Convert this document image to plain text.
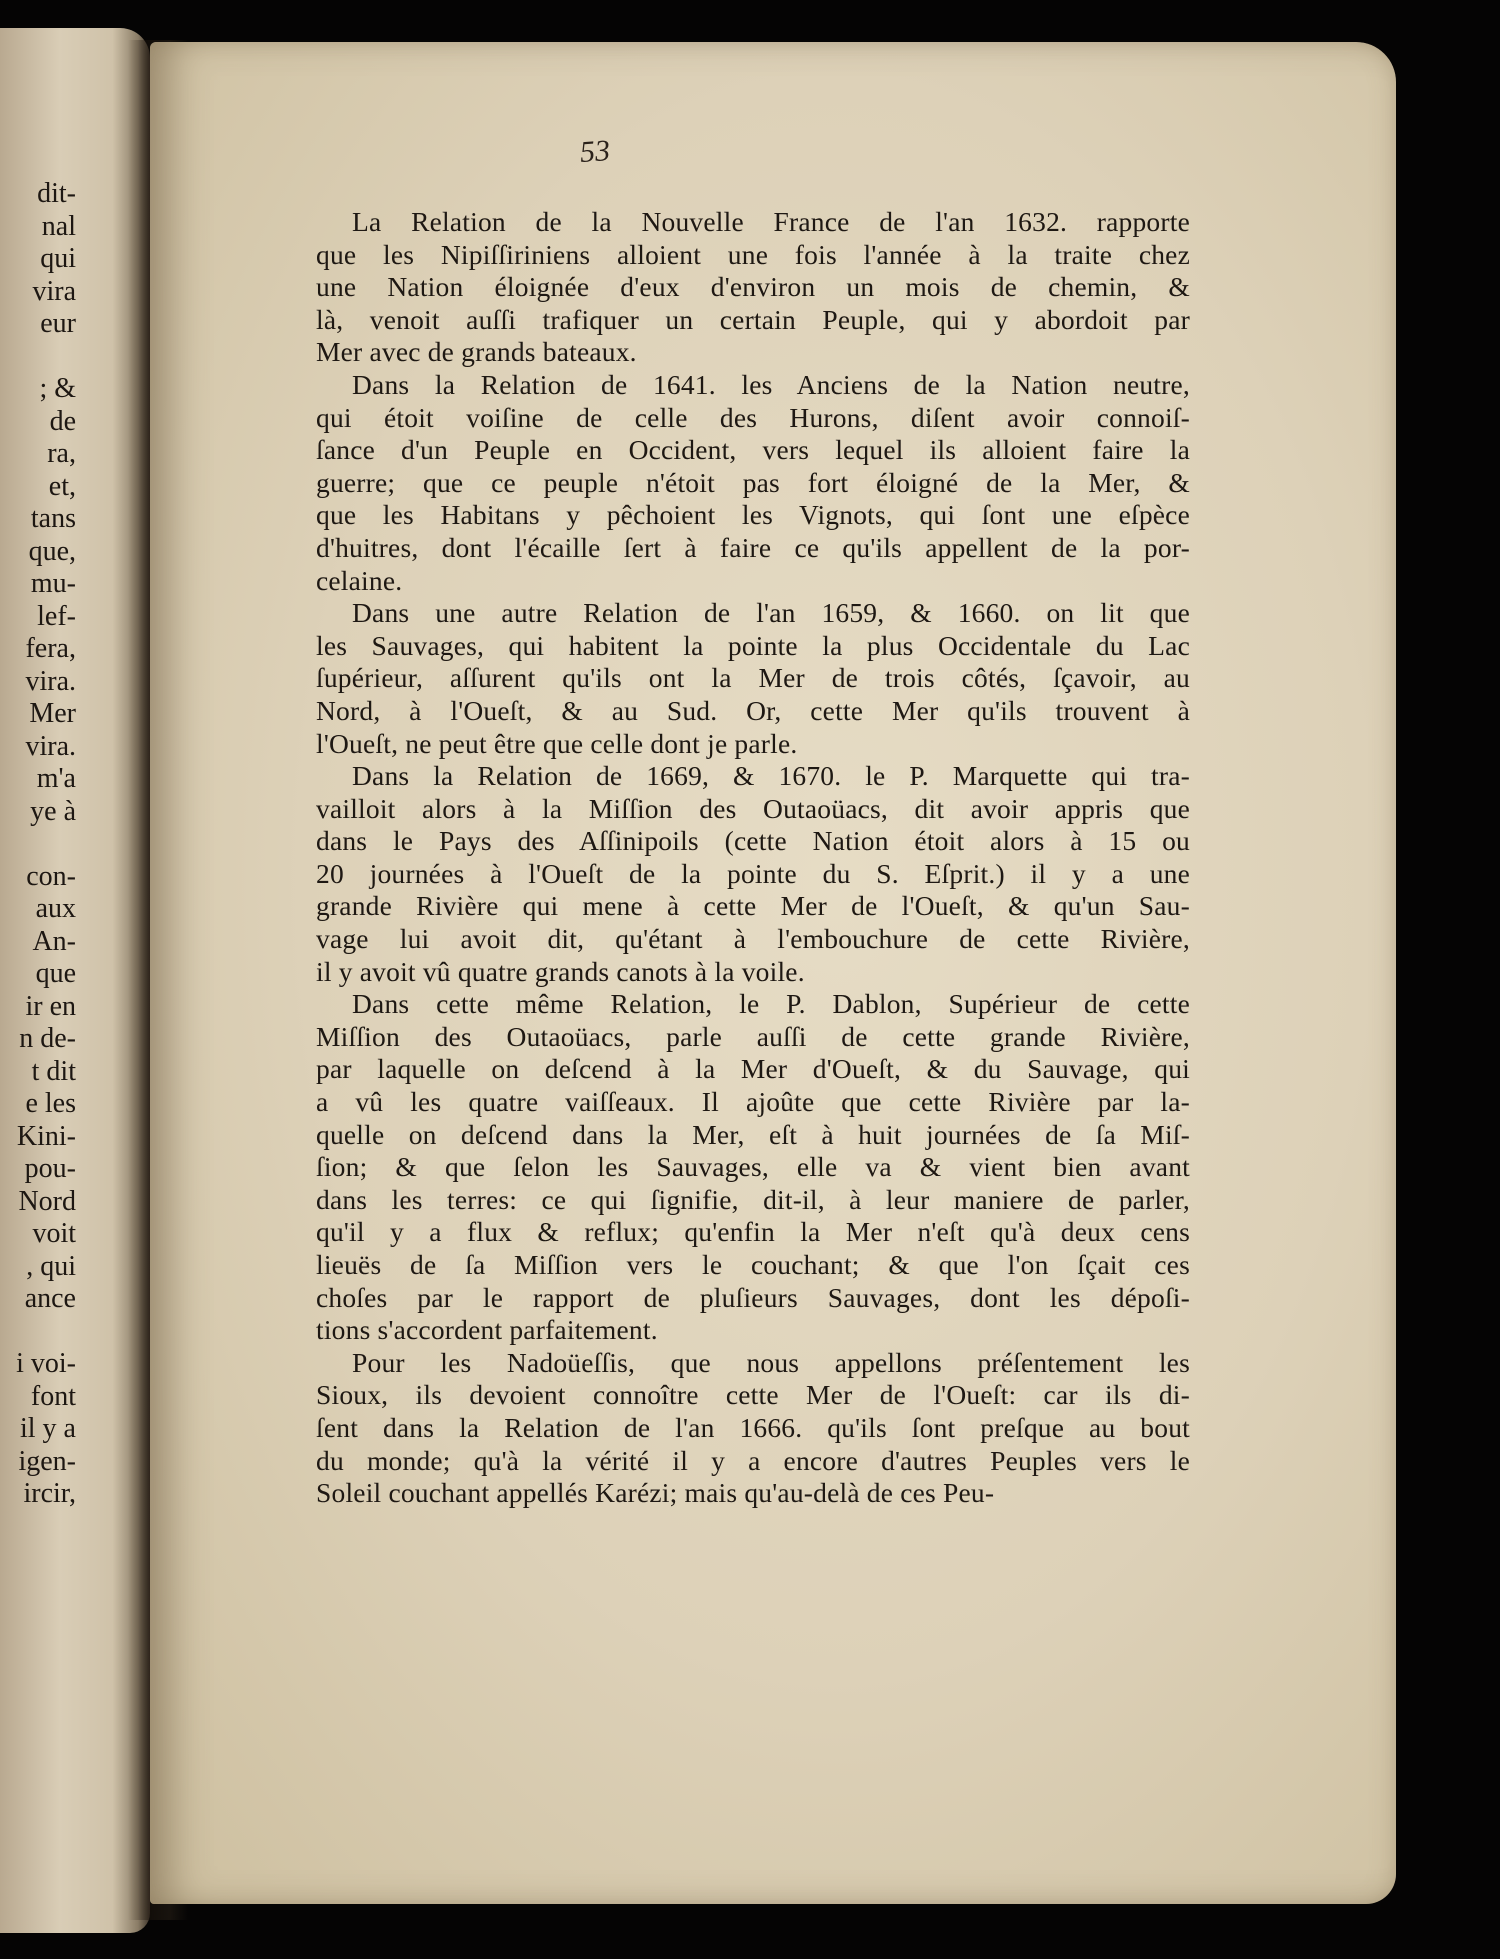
dit-
nal
qui
vira
eur
; &
de
ra,
et,
tans
que,
mu-
lef-
fera,
vira.
Mer
vira.
m'a
ye à
con-
aux
An-
que
ir en
n de-
t dit
e les
Kini-
pou-
Nord
voit
, qui
ance
i voi-
font
il y a
igen-
ircir,
53
La Relation de la Nouvelle France de l'an 1632. rapporte
que les Nipiſſiriniens alloient une fois l'année à la traite chez
une Nation éloignée d'eux d'environ un mois de chemin, &
là, venoit auſſi trafiquer un certain Peuple, qui y abordoit par
Mer avec de grands bateaux.
Dans la Relation de 1641. les Anciens de la Nation neutre,
qui étoit voiſine de celle des Hurons, diſent avoir connoiſ-
ſance d'un Peuple en Occident, vers lequel ils alloient faire la
guerre; que ce peuple n'étoit pas fort éloigné de la Mer, &
que les Habitans y pêchoient les Vignots, qui ſont une eſpèce
d'huitres, dont l'écaille ſert à faire ce qu'ils appellent de la por-
celaine.
Dans une autre Relation de l'an 1659, & 1660. on lit que
les Sauvages, qui habitent la pointe la plus Occidentale du Lac
ſupérieur, aſſurent qu'ils ont la Mer de trois côtés, ſçavoir, au
Nord, à l'Oueſt, & au Sud. Or, cette Mer qu'ils trouvent à
l'Oueſt, ne peut être que celle dont je parle.
Dans la Relation de 1669, & 1670. le P. Marquette qui tra-
vailloit alors à la Miſſion des Outaoüacs, dit avoir appris que
dans le Pays des Aſſinipoils (cette Nation étoit alors à 15 ou
20 journées à l'Oueſt de la pointe du S. Eſprit.) il y a une
grande Rivière qui mene à cette Mer de l'Oueſt, & qu'un Sau-
vage lui avoit dit, qu'étant à l'embouchure de cette Rivière,
il y avoit vû quatre grands canots à la voile.
Dans cette même Relation, le P. Dablon, Supérieur de cette
Miſſion des Outaoüacs, parle auſſi de cette grande Rivière,
par laquelle on deſcend à la Mer d'Oueſt, & du Sauvage, qui
a vû les quatre vaiſſeaux. Il ajoûte que cette Rivière par la-
quelle on deſcend dans la Mer, eſt à huit journées de ſa Miſ-
ſion; & que ſelon les Sauvages, elle va & vient bien avant
dans les terres: ce qui ſignifie, dit-il, à leur maniere de parler,
qu'il y a flux & reflux; qu'enfin la Mer n'eſt qu'à deux cens
lieuës de ſa Miſſion vers le couchant; & que l'on ſçait ces
choſes par le rapport de pluſieurs Sauvages, dont les dépoſi-
tions s'accordent parfaitement.
Pour les Nadoüeſſis, que nous appellons préſentement les
Sioux, ils devoient connoître cette Mer de l'Oueſt: car ils di-
ſent dans la Relation de l'an 1666. qu'ils ſont preſque au bout
du monde; qu'à la vérité il y a encore d'autres Peuples vers le
Soleil couchant appellés Karézi; mais qu'au-delà de ces Peu-
